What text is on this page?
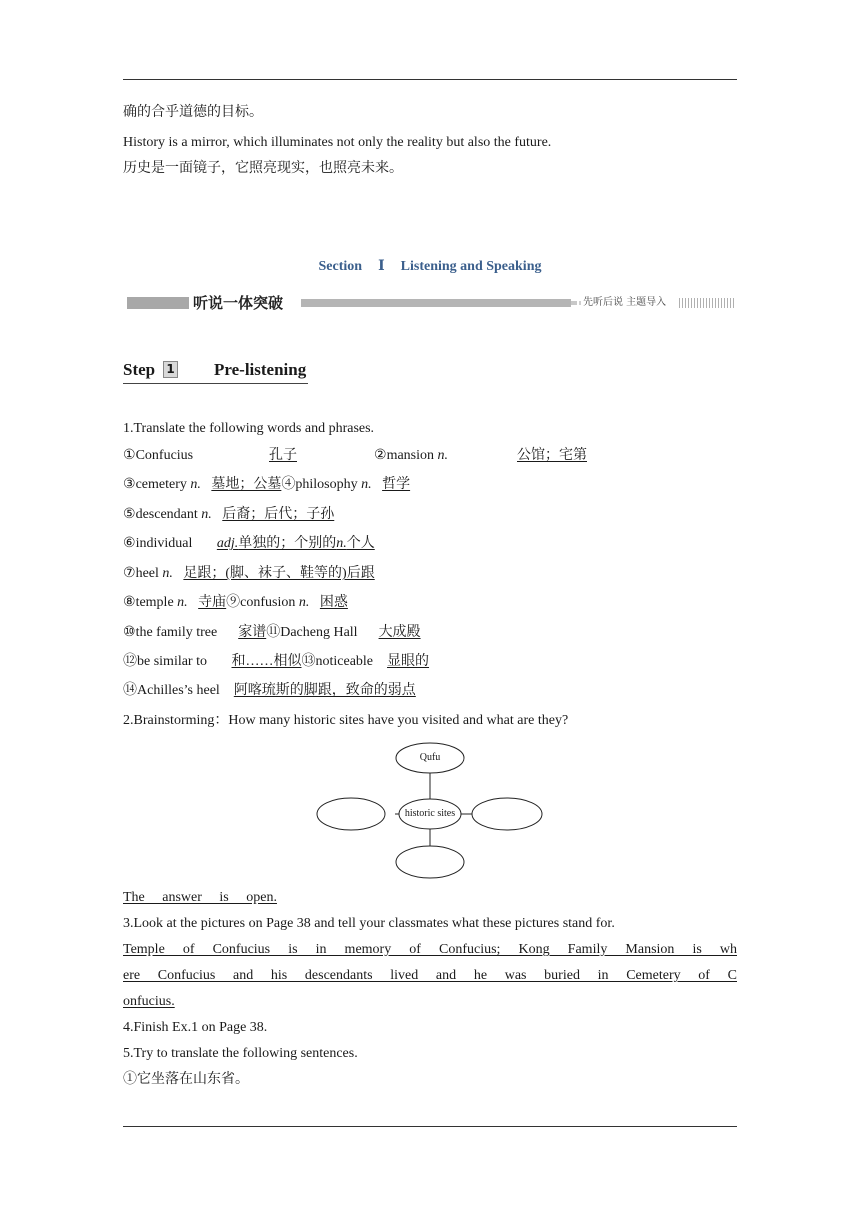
确的合乎道德的目标。
History is a mirror, which illuminates not only the reality but also the future.
历史是一面镜子，它照亮现实，也照亮未来。
Section Ⅰ Listening and Speaking
听说一体突破	先听后说 主题导入
Step 1 Pre-listening
1.Translate the following words and phrases.
①Confucius	孔子	②mansion n.	公馆；宅第
③cemetery n. 墓地；公墓④philosophy n. 哲学
⑤descendant n. 后裔；后代；子孙
⑥individual adj.单独的；个别的n.个人
⑦heel n. 足跟；(脚、袜子、鞋等的)后跟
⑧temple n. 寺庙⑨confusion n. 困惑
⑩the family tree 家谱⑪Dacheng Hall 大成殿
⑫be similar to 和……相似⑬noticeable 显眼的
⑭Achilles’s heel 阿喀琉斯的脚跟，致命的弱点
2.Brainstorming：How many historic sites have you visited and what are they?
Qufu
historic sites
The answer is open.
3.Look at the pictures on Page 38 and tell your classmates what these pictures stand for.
Temple of Confucius is in memory of Confucius; Kong Family Mansion is wh
ere Confucius and his descendants lived and he was buried in Cemetery of C
onfucius.
4.Finish Ex.1 on Page 38.
5.Try to translate the following sentences.
①它坐落在山东省。
